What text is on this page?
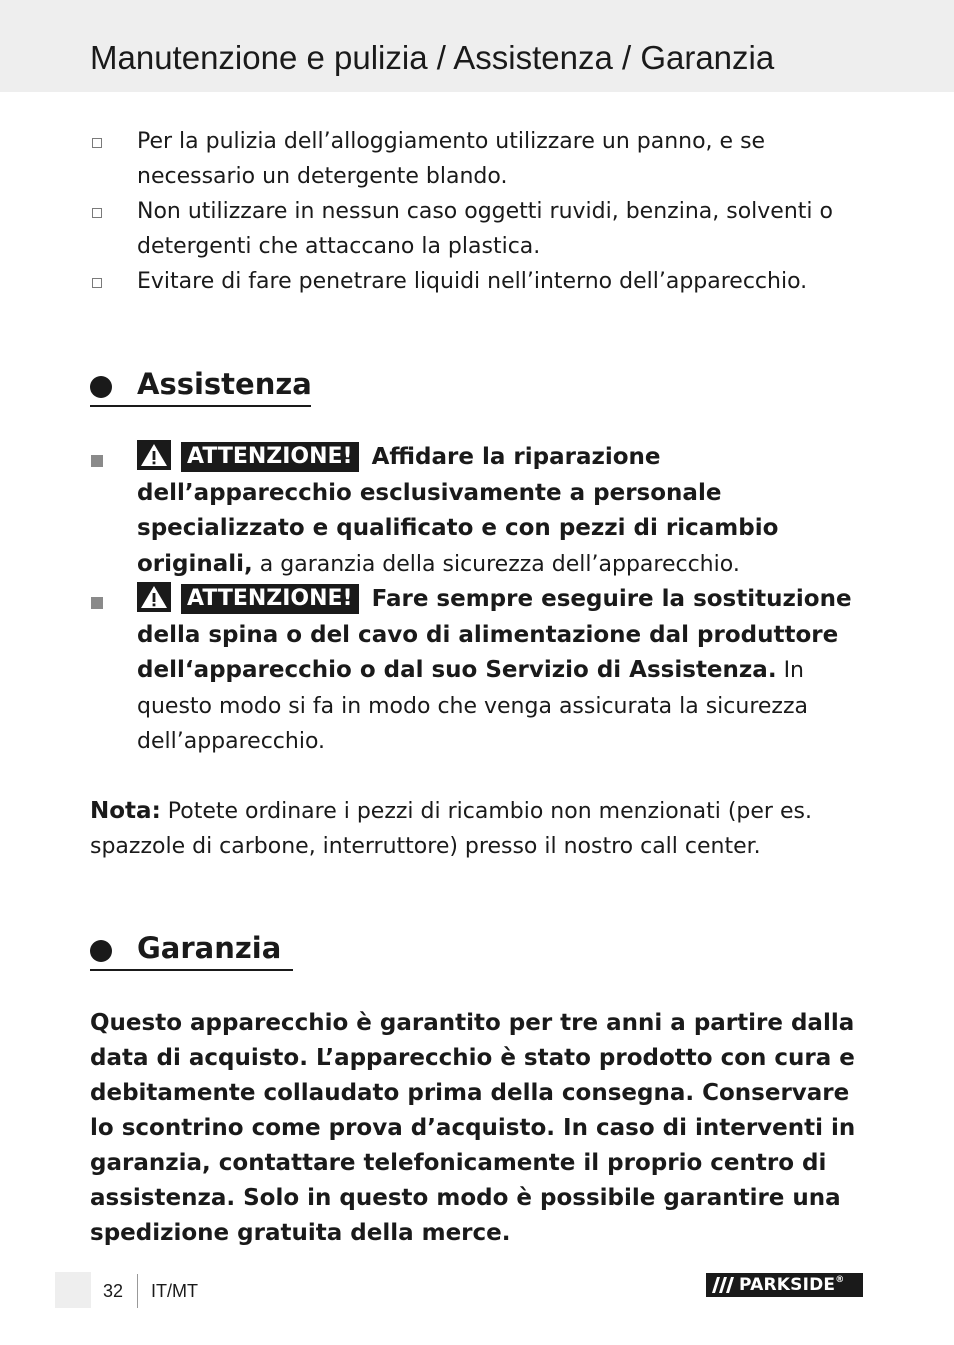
Manutenzione e pulizia / Assistenza / Garanzia
Per la pulizia dell’alloggiamento utilizzare un panno, e se necessario un detergente blando.
Non utilizzare in nessun caso oggetti ruvidi, benzina, solventi o detergenti che attaccano la plastica.
Evitare di fare penetrare liquidi nell’interno dell’apparecchio.
Assistenza
ATTENZIONE! Affidare la riparazione dell’apparecchio esclusivamente a personale specializzato e qualificato e con pezzi di ricambio originali, a garanzia della sicurezza dell’apparecchio.
ATTENZIONE! Fare sempre eseguire la sostituzione della spina o del cavo di alimentazione dal produttore dell‘apparecchio o dal suo Servizio di Assistenza. In questo modo si fa in modo che venga assicurata la sicurezza dell’apparecchio.

Nota: Potete ordinare i pezzi di ricambio non menzionati (per es. spazzole di carbone, interruttore) presso il nostro call center.

Garanzia

Questo apparecchio è garantito per tre anni a partire dalla data di acquisto. L’apparecchio è stato prodotto con cura e debitamente collaudato prima della consegna. Conservare lo scontrino come prova d’acquisto. In caso di interventi in garanzia, contattare telefonicamente il proprio centro di assistenza. Solo in questo modo è possibile garantire una spedizione gratuita della merce.

32 IT/MT	PARKSIDE®
